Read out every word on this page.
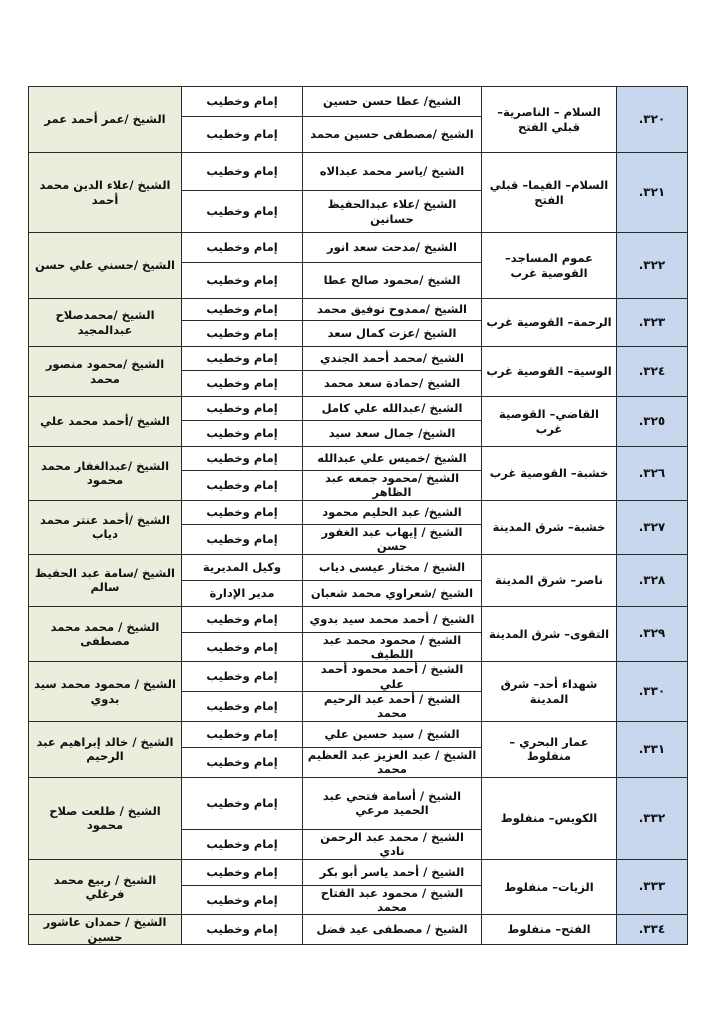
٣٢٠.	السلام – الناصرية– قبلي الفتح	الشيخ/ عطا حسن حسين	إمام وخطيب	الشيخ /عمر أحمد عمر
		الشيخ /مصطفى حسين محمد	إمام وخطيب	
٣٢١.	السلام– الفيما– قبلي الفتح	الشيخ /ياسر محمد عبدالاه	إمام وخطيب	الشيخ /علاء الدين محمد أحمد
		الشيخ /علاء عبدالحفيظ حسانين	إمام وخطيب	
٣٢٢.	عموم المساجد– القوصية غرب	الشيخ /مدحت سعد انور	إمام وخطيب	الشيخ /حسني علي حسن
		الشيخ /محمود صالح عطا	إمام وخطيب	
٣٢٣.	الرحمة– القوصية غرب	الشيخ /ممدوح توفيق محمد	إمام وخطيب	الشيخ /محمدصلاح عبدالمجيد
		الشيخ /عزت كمال سعد	إمام وخطيب	
٣٢٤.	الوسية– القوصية غرب	الشيخ /محمد أحمد الجندي	إمام وخطيب	الشيخ /محمود منصور محمد
		الشيخ /حمادة سعد محمد	إمام وخطيب	
٣٢٥.	القاضي– القوصية غرب	الشيخ /عبدالله علي كامل	إمام وخطيب	الشيخ /أحمد محمد علي
		الشيخ/ جمال سعد سيد	إمام وخطيب	
٣٢٦.	خشبة– القوصية غرب	الشيخ /خميس علي عبدالله	إمام وخطيب	الشيخ /عبدالغفار محمد محمود
		الشيخ /محمود جمعه عبد الظاهر	إمام وخطيب	
٣٢٧.	خشبة– شرق المدينة	الشيخ/ عبد الحليم محمود	إمام وخطيب	الشيخ /أحمد عنتر محمد دياب
		الشيخ / إيهاب عبد الغفور حسن	إمام وخطيب	
٣٢٨.	ناصر– شرق المدينة	الشيخ / مختار عيسى دياب	وكيل المديرية	الشيخ /سامة عبد الحفيظ سالم
		الشيخ /شعراوي محمد شعبان	مدير الإدارة	
٣٢٩.	التقوى– شرق المدينة	الشيخ / أحمد محمد سيد بدوي	إمام وخطيب	الشيخ / محمد محمد مصطفى
		الشيخ / محمود محمد عبد اللطيف	إمام وخطيب	
٣٣٠.	شهداء أحد– شرق المدينة	الشيخ / أحمد محمود أحمد علي	إمام وخطيب	الشيخ / محمود محمد سيد بدوي
		الشيخ / أحمد عبد الرحيم محمد	إمام وخطيب	
٣٣١.	عمار البحري – منفلوط	الشيخ / سيد حسين علي	إمام وخطيب	الشيخ / خالد إبراهيم عبد الرحيم
		الشيخ / عبد العزيز عبد العظيم محمد	إمام وخطيب	
٣٣٢.	الكويس– منفلوط	الشيخ / أسامة فتحي عبد الحميد مرعي	إمام وخطيب	الشيخ / طلعت صلاح محمود
		الشيخ / محمد عبد الرحمن نادي	إمام وخطيب	
٣٣٣.	الزيات– منفلوط	الشيخ / أحمد ياسر أبو بكر	إمام وخطيب	الشيخ / ربيع محمد فرغلي
		الشيخ / محمود عبد الفتاح محمد	إمام وخطيب	
٣٣٤.	الفتح– منفلوط	الشيخ / مصطفى عيد فضل	إمام وخطيب	الشيخ / حمدان عاشور حسين
